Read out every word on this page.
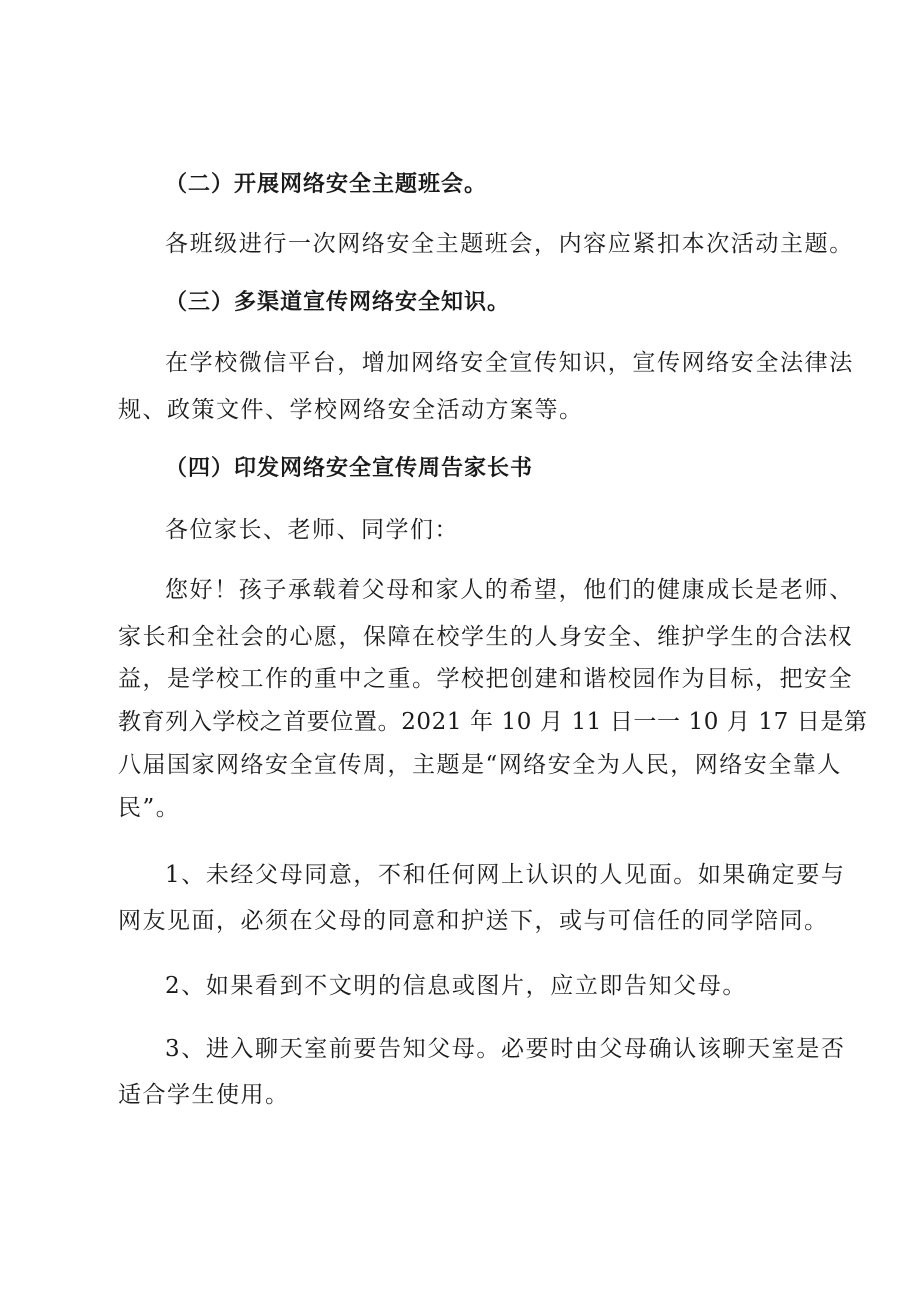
（二）开展网络安全主题班会。
各班级进行一次网络安全主题班会，内容应紧扣本次活动主题。
（三）多渠道宣传网络安全知识。
在学校微信平台，增加网络安全宣传知识，宣传网络安全法律法
规、政策文件、学校网络安全活动方案等。
（四）印发网络安全宣传周告家长书
各位家长、老师、同学们：
您好！孩子承载着父母和家人的希望，他们的健康成长是老师、
家长和全社会的心愿，保障在校学生的人身安全、维护学生的合法权
益，是学校工作的重中之重。学校把创建和谐校园作为目标，把安全
教育列入学校之首要位置。2021 年 10 月 11 日一一 10 月 17 日是第
八届国家网络安全宣传周，主题是“网络安全为人民，网络安全靠人
民”。
1、未经父母同意，不和任何网上认识的人见面。如果确定要与
网友见面，必须在父母的同意和护送下，或与可信任的同学陪同。
2、如果看到不文明的信息或图片，应立即告知父母。
3、进入聊天室前要告知父母。必要时由父母确认该聊天室是否
适合学生使用。
